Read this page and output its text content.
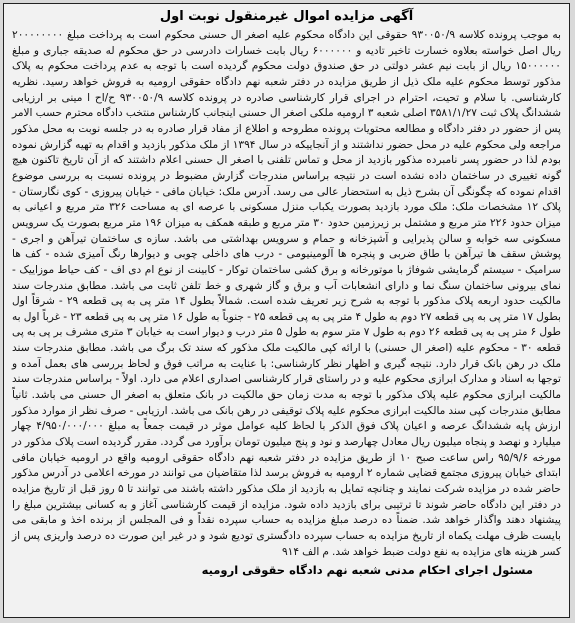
آگهی مزایده اموال غیرمنقول نوبت اول

به موجب پرونده کلاسه ۹۳۰۰۵۰/۹ حقوقی این دادگاه محکوم علیه اصغر ال حسنی محکوم است به پرداخت مبلغ ۲۰۰۰۰۰۰۰۰ ریال اصل خواسته بعلاوه خسارت تاخیر تادیه و ۶۰۰۰۰۰۰ ریال بابت خسارات دادرسی در حق محکوم له صدیقه جباری و مبلغ ۱۵۰۰۰۰۰۰ ریال از بابت نیم عشر دولتی در حق صندوق دولت محکوم گردیده است با توجه به عدم پرداخت محکوم به پلاک مذکور توسط محکوم علیه ملک ذیل از طریق مزایده در دفتر شعبه نهم دادگاه حقوقی ارومیه به فروش خواهد رسید. نظریه کارشناسی. با سلام و تحیت، احترام در اجرای قرار کارشناسی صادره در پرونده کلاسه ۹۳۰۰۵۰/۹ ح/اح ا مینی بر ارزیابی ششدانگ پلاک ثبت ۳۵۸۱/۱/۲۷ اصلی شعبه ۳ ارومیه ملکی اصغر ال حسنی اینجانب کارشناس منتخب دادگاه محترم حسب الامر پس از حضور در دفتر دادگاه و مطالعه محتویات پرونده مطروحه و اطلاع از مفاد قرار صادره به در جلسه نوبت به محل مذکور مراجعه ولی محکوم علیه در محل حضور نداشتند و از آنجاییکه در سال ۱۳۹۴ از ملک مذکور بازدید و اقدام به تهیه گزارش نموده بودم لذا در حضور پسر نامبرده مذکور بازدید از محل و تماس تلفنی با اصغر ال حسنی اعلام داشتند که از آن تاریخ تاکنون هیچ گونه تغییری در ساختمان داده نشده است در نتیجه براساس مندرجات گزارش مضبوط در پرونده نسبت به بررسی موضوع اقدام نموده که چگونگی آن بشرح ذیل به استحضار عالی می رسد. آدرس ملک: خیابان مافی - خیابان پیروزی - کوی نگارستان - پلاک ۱۲ مشخصات ملک: ملک مورد بازدید بصورت یکباب منزل مسکونی با عرصه ای به مساحت ۳۲۶ متر مربع و اعیانی به میزان حدود ۲۲۶ متر مربع و مشتمل بر زیرزمین حدود ۳۰ متر مربع و طبقه همکف به میزان ۱۹۶ متر مربع بصورت یک سرویس مسکونی سه خوابه و سالن پذیرایی و آشپزخانه و حمام و سرویس بهداشتی می باشد. سازه ی ساختمان تیرآهن و اجری - پوشش سقف ها تیرآهن با طاق ضربی و پنجره ها آلومینیومی - درب های داخلی چوبی و دیوارها رنگ آمیزی شده - کف ها سرامیک - سیستم گرمایشی شوفاژ با موتورخانه و برق کشی ساختمان توکار - کابینت از نوع ام دی اف - کف حیاط موزاییک - نمای بیرونی ساختمان سنگ نما و دارای انشعابات آب و برق و گاز شهری و خط تلفن ثابت می باشد. مطابق مندرجات سند مالکیت حدود اربعه پلاک مذکور با توجه به شرح زیر تعریف شده است. شمالاً بطول ۱۴ متر پی به پی قطعه ۲۹ - شرقاً اول بطول ۱۷ متر پی به پی قطعه ۲۷ دوم به طول ۴ متر پی به پی قطعه ۲۵ - جنوباً به طول ۱۶ متر پی به پی قطعه ۲۳ - غرباً اول به طول ۶ متر پی به پی قطعه ۲۶ دوم به طول ۷ متر سوم به طول ۵ متر درب و دیوار است به خیابان ۳ متری مشرف بر پی به پی قطعه ۳۰ - محکوم علیه (اصغر ال حسنی) با ارائه کپی مالکیت ملک مذکور که سند تک برگ می باشد. مطابق مندرجات سند ملک در رهن بانک قرار دارد. نتیجه گیری و اظهار نظر کارشناسی: با عنایت به مراتب فوق و لحاظ بررسی های بعمل آمده و توجها به اسناد و مدارک ابرازی محکوم علیه و در راستای قرار کارشناسی اصداری اعلام می دارد. اولاً - براساس مندرجات سند مالکیت ابرازی محکوم علیه پلاک مذکور با توجه به مدت زمان حق مالکیت در بانک متعلق به اصغر ال حسنی می باشد. ثانیاً مطابق مندرجات کپی سند مالکیت ابرازی محکوم علیه پلاک توقیفی در رهن بانک می باشد. ارزیابی - صرف نظر از موارد مذکور ارزش پایه ششدانگ عرصه و اعیان پلاک فوق الذکر با لحاظ کلیه عوامل موثر در قیمت جمعاً به مبلغ ۴/۹۵۰/۰۰۰/۰۰۰ چهار میلیارد و نهصد و پنجاه میلیون ریال معادل چهارصد و نود و پنج میلیون تومان برآورد می گردد. مقرر گردیده است پلاک مذکور در مورخه ۹۵/۹/۶ راس ساعت صبح ۱۰ از طریق مزایده در دفتر شعبه نهم دادگاه حقوقی ارومیه واقع در ارومیه خیابان مافی ابتدای خیابان پیروزی مجتمع قضایی شماره ۲ ارومیه به فروش برسد لذا متقاضیان می توانند در مورخه اعلامی در آدرس مذکور حاضر شده در مزایده شرکت نمایند و چنانچه تمایل به بازدید از ملک مذکور داشته باشند می توانند تا ۵ روز قبل از تاریخ مزایده در دفتر این دادگاه حاضر شوند تا ترتیبی برای بازدید داده شود. مزایده از قیمت کارشناسی آغاز و به کسانی بیشترین مبلغ را پیشنهاد دهند واگذار خواهد شد. ضمناً ده درصد مبلغ مزایده به حساب سپرده نقداً و فی المجلس از برنده اخذ و مابقی می بایست ظرف مهلت یکماه از تاریخ مزایده به حساب سپرده دادگستری تودیع شود و در غیر این صورت ده درصد واریزی پس از کسر هزینه های مزایده به نفع دولت ضبط خواهد شد. م الف ۹۱۴

مسئول اجرای احکام مدنی شعبه نهم دادگاه حقوقی ارومیه
